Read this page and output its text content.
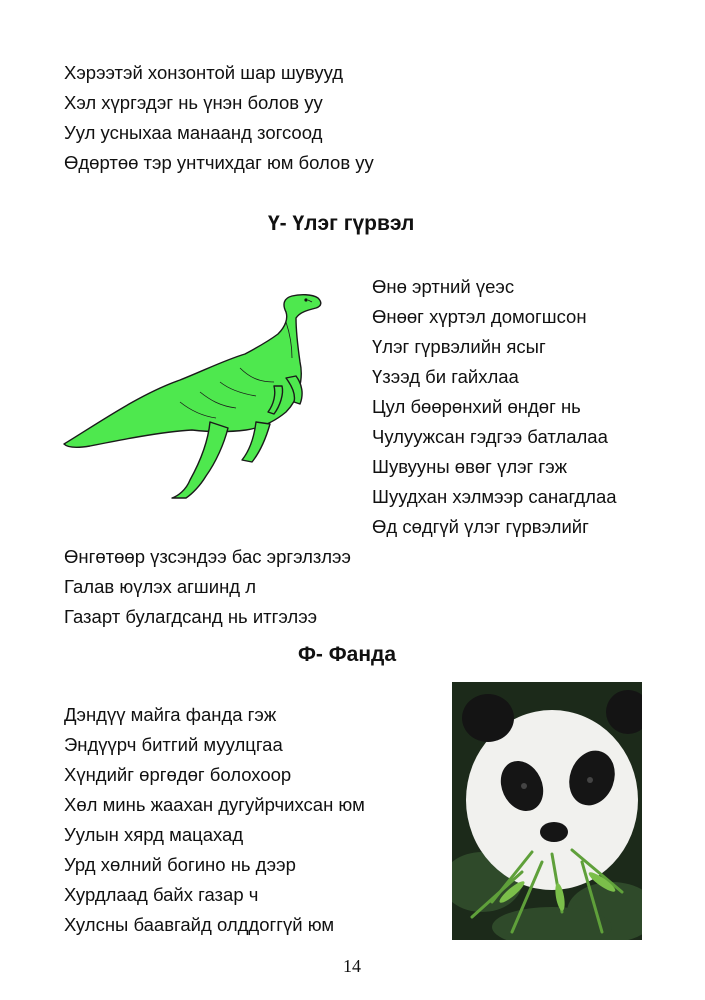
Хэрээтэй хонзонтой шар шувууд
Хэл хүргэдэг нь үнэн болов уу
Уул усныхаа манаанд зогсоод
Өдөртөө тэр унтчихдаг юм болов уу
Ү- Үлэг гүрвэл
Өнө эртний үеэс
Өнөөг хүртэл домогшсон
Үлэг гүрвэлийн ясыг
Үзээд би гайхлаа
Цул бөөрөнхий өндөг нь
Чулуужсан гэдгээ батлалаа
Шувууны өвөг үлэг гэж
Шуудхан хэлмээр санагдлаа
Өд сөдгүй үлэг гүрвэлийг
Өнгөтөөр үзсэндээ бас эргэлзлээ
Галав юүлэх агшинд л
Газарт булагдсанд нь итгэлээ
Ф- Фанда
Дэндүү майга фанда гэж
Эндүүрч битгий муулцгаа
Хүндийг өргөдөг болохоор
Хөл минь жаахан дугуйрчихсан юм
Уулын хярд мацахад
Урд хөлний богино нь дээр
Хурдлаад байх газар ч
Хулсны баавгайд олддоггүй юм
14
